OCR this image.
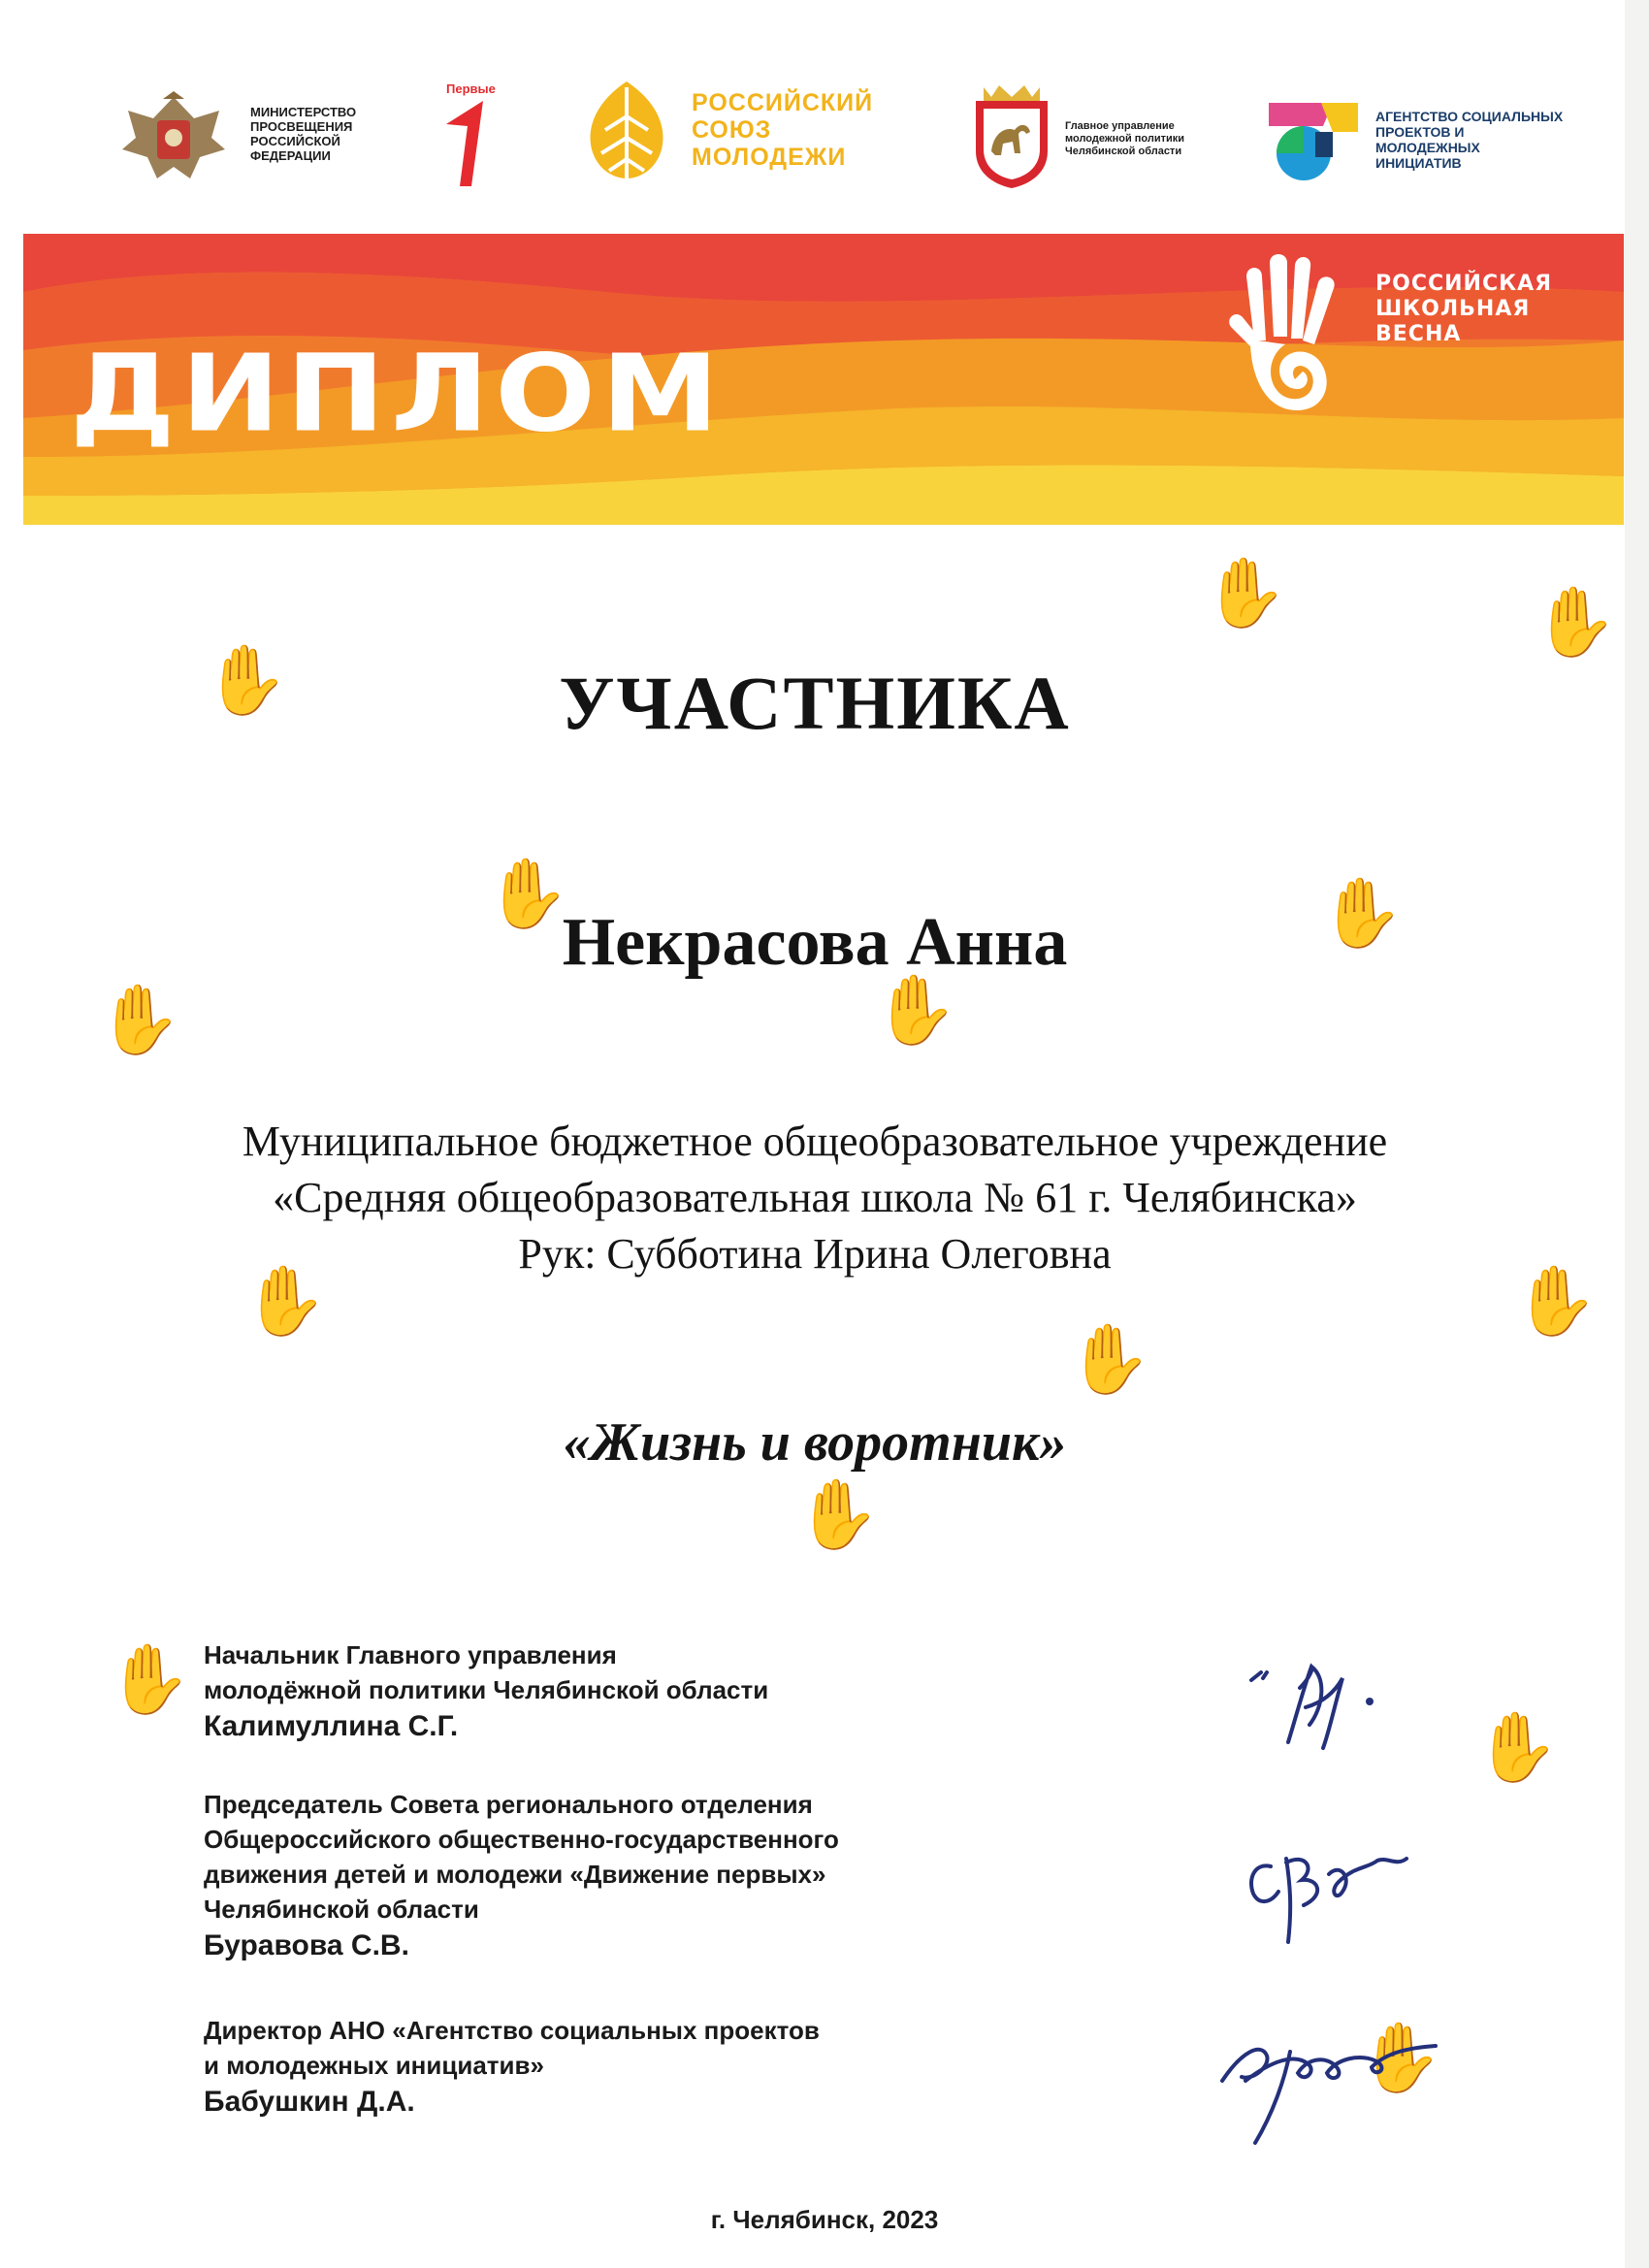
МИНИСТЕРСТВО ПРОСВЕЩЕНИЯ РОССИЙСКОЙ ФЕДЕРАЦИИ
Первые
РОССИЙСКИЙ СОЮЗ МОЛОДЕЖИ
Главное управление молодежной политики Челябинской области
АГЕНТСТВО СОЦИАЛЬНЫХ ПРОЕКТОВ И МОЛОДЕЖНЫХ ИНИЦИАТИВ
ДИПЛОМ
РОССИЙСКАЯ ШКОЛЬНАЯ ВЕСНА
✋
✋
✋
✋	✋
✋	✋
✋	✋
✋
✋
✋
✋
✋
УЧАСТНИКА
Некрасова Анна
Муниципальное бюджетное общеобразовательное учреждение
«Средняя общеобразовательная школа № 61 г. Челябинска»
Рук: Субботина Ирина Олеговна
«Жизнь и воротник»
Начальник Главного управления
молодёжной политики Челябинской области
Калимуллина С.Г.
Председатель Совета регионального отделения
Общероссийского общественно-государственного
движения детей и молодежи «Движение первых»
Челябинской области
Буравова С.В.
Директор АНО «Агентство социальных проектов
и молодежных инициатив»
Бабушкин Д.А.
г. Челябинск, 2023
